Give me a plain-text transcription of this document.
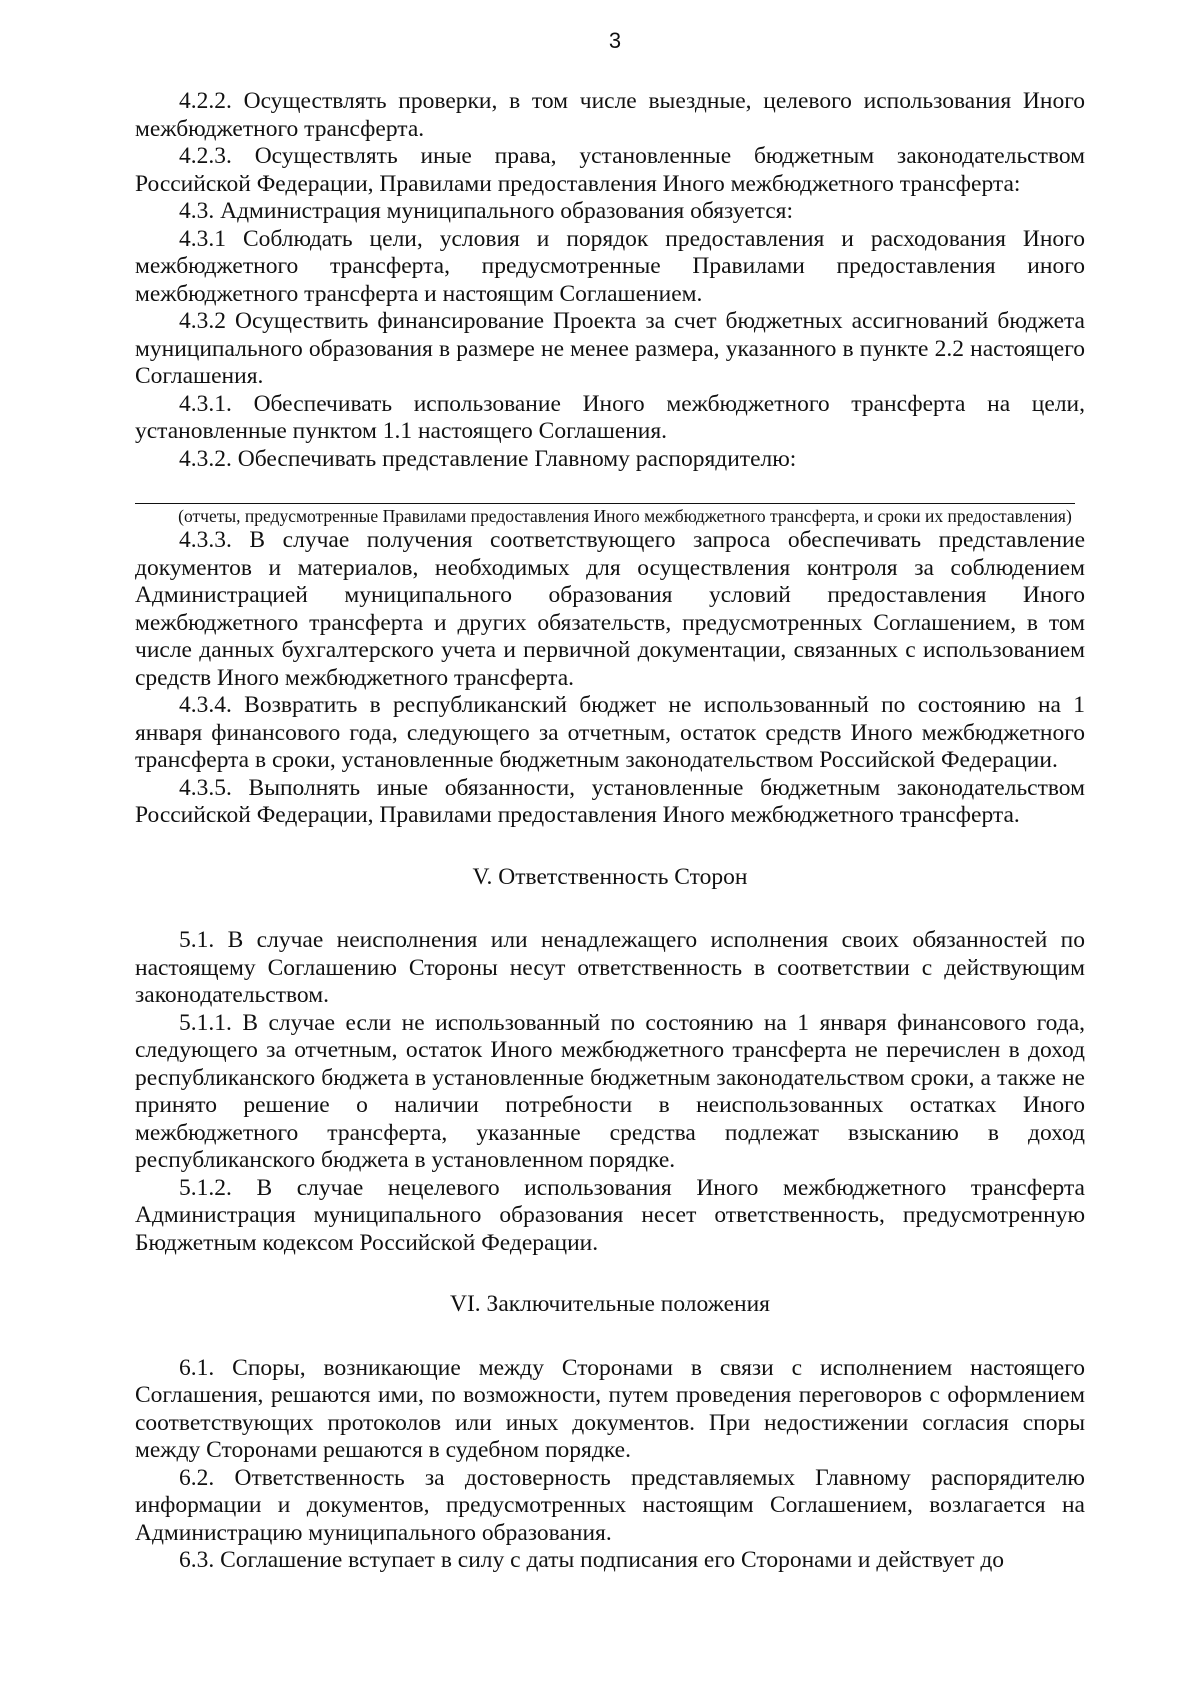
3

4.2.2. Осуществлять проверки, в том числе выездные, целевого использования Иного межбюджетного трансферта.

4.2.3. Осуществлять иные права, установленные бюджетным законодательством Российской Федерации, Правилами предоставления Иного межбюджетного трансферта:

4.3. Администрация муниципального образования обязуется:

4.3.1 Соблюдать цели, условия и порядок предоставления и расходования Иного межбюджетного трансферта, предусмотренные Правилами предоставления иного межбюджетного трансферта и настоящим Соглашением.

4.3.2 Осуществить финансирование Проекта за счет бюджетных ассигнований бюджета муниципального образования в размере не менее размера, указанного в пункте 2.2 настоящего Соглашения.

4.3.1. Обеспечивать использование Иного межбюджетного трансферта на цели, установленные пунктом 1.1 настоящего Соглашения.

4.3.2. Обеспечивать представление Главному распорядителю:

(отчеты, предусмотренные Правилами предоставления Иного межбюджетного трансферта, и сроки их предоставления)

4.3.3. В случае получения соответствующего запроса обеспечивать представление документов и материалов, необходимых для осуществления контроля за соблюдением Администрацией муниципального образования условий предоставления Иного межбюджетного трансферта и других обязательств, предусмотренных Соглашением, в том числе данных бухгалтерского учета и первичной документации, связанных с использованием средств Иного межбюджетного трансферта.

4.3.4. Возвратить в республиканский бюджет не использованный по состоянию на 1 января финансового года, следующего за отчетным, остаток средств Иного межбюджетного трансферта в сроки, установленные бюджетным законодательством Российской Федерации.

4.3.5. Выполнять иные обязанности, установленные бюджетным законодательством Российской Федерации, Правилами предоставления Иного межбюджетного трансферта.

V. Ответственность Сторон

5.1. В случае неисполнения или ненадлежащего исполнения своих обязанностей по настоящему Соглашению Стороны несут ответственность в соответствии с действующим законодательством.

5.1.1. В случае если не использованный по состоянию на 1 января финансового года, следующего за отчетным, остаток Иного межбюджетного трансферта не перечислен в доход республиканского бюджета в установленные бюджетным законодательством сроки, а также не принято решение о наличии потребности в неиспользованных остатках Иного межбюджетного трансферта, указанные средства подлежат взысканию в доход республиканского бюджета в установленном порядке.

5.1.2. В случае нецелевого использования Иного межбюджетного трансферта Администрация муниципального образования несет ответственность, предусмотренную Бюджетным кодексом Российской Федерации.

VI. Заключительные положения

6.1. Споры, возникающие между Сторонами в связи с исполнением настоящего Соглашения, решаются ими, по возможности, путем проведения переговоров с оформлением соответствующих протоколов или иных документов. При недостижении согласия споры между Сторонами решаются в судебном порядке.

6.2. Ответственность за достоверность представляемых Главному распорядителю информации и документов, предусмотренных настоящим Соглашением, возлагается на Администрацию муниципального образования.

6.3. Соглашение вступает в силу с даты подписания его Сторонами и действует до
